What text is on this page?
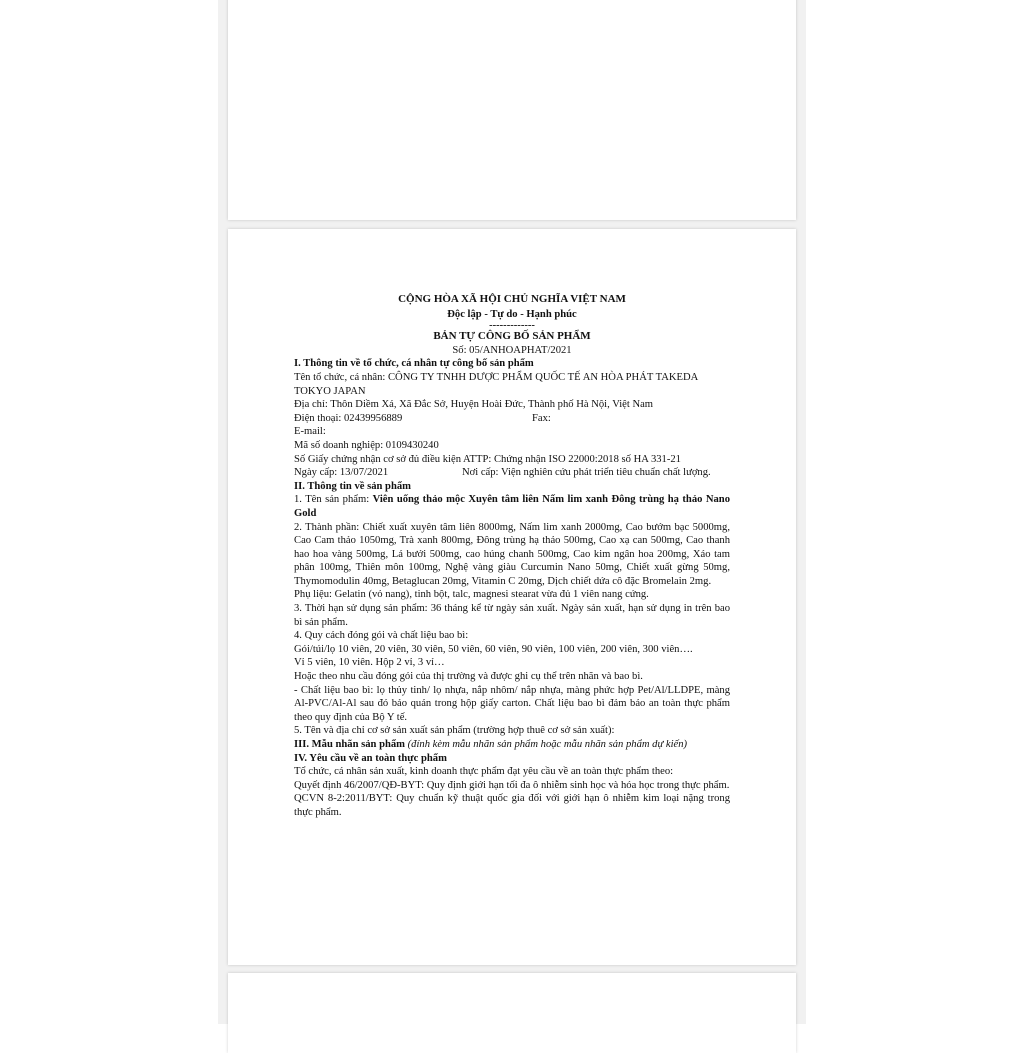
CỘNG HÒA XÃ HỘI CHỦ NGHĨA VIỆT NAM

Độc lập - Tự do - Hạnh phúc

-------------

BẢN TỰ CÔNG BỐ SẢN PHẨM

Số: 05/ANHOAPHAT/2021

I. Thông tin về tổ chức, cá nhân tự công bố sản phẩm

Tên tổ chức, cá nhân: CÔNG TY TNHH DƯỢC PHẨM QUỐC TẾ AN HÒA PHÁT TAKEDA TOKYO JAPAN

Địa chỉ: Thôn Diềm Xá, Xã Đắc Sở, Huyện Hoài Đức, Thành phố Hà Nội, Việt Nam

Điện thoại: 02439956889	Fax:

E-mail:

Mã số doanh nghiệp: 0109430240

Số Giấy chứng nhận cơ sở đủ điều kiện ATTP: Chứng nhận ISO 22000:2018 số HA 331-21

Ngày cấp: 13/07/2021	Nơi cấp: Viện nghiên cứu phát triển tiêu chuẩn chất lượng.

II. Thông tin về sản phẩm

1. Tên sản phẩm: Viên uống thảo mộc Xuyên tâm liên Nấm lim xanh Đông trùng hạ thảo Nano Gold

2. Thành phần: Chiết xuất xuyên tâm liên 8000mg, Nấm lim xanh 2000mg, Cao bướm bạc 5000mg, Cao Cam thảo 1050mg, Trà xanh 800mg, Đông trùng hạ thảo 500mg, Cao xạ can 500mg, Cao thanh hao hoa vàng 500mg, Lá bưởi 500mg, cao húng chanh 500mg, Cao kim ngân hoa 200mg, Xáo tam phân 100mg, Thiên môn 100mg, Nghệ vàng giàu Curcumin Nano 50mg, Chiết xuất gừng 50mg, Thymomodulin 40mg, Betaglucan 20mg, Vitamin C 20mg, Dịch chiết dứa cô đặc Bromelain 2mg.

Phụ liệu: Gelatin (vỏ nang), tinh bột, talc, magnesi stearat vừa đủ 1 viên nang cứng.

3. Thời hạn sử dụng sản phẩm: 36 tháng kể từ ngày sản xuất. Ngày sản xuất, hạn sử dụng in trên bao bì sản phẩm.

4. Quy cách đóng gói và chất liệu bao bì:

Gói/túi/lọ 10 viên, 20 viên, 30 viên, 50 viên, 60 viên, 90 viên, 100 viên, 200 viên, 300 viên….

Vỉ 5 viên, 10 viên. Hộp 2 vỉ, 3 vỉ…

Hoặc theo nhu cầu đóng gói của thị trường và được ghi cụ thể trên nhãn và bao bì.

- Chất liệu bao bì: lọ thủy tinh/ lọ nhựa, nắp nhôm/ nắp nhựa, màng phức hợp Pet/Al/LLDPE, màng Al-PVC/Al-Al sau đó bảo quản trong hộp giấy carton. Chất liệu bao bì đảm bảo an toàn thực phẩm theo quy định của Bộ Y tế.

5. Tên và địa chỉ cơ sở sản xuất sản phẩm (trường hợp thuê cơ sở sản xuất):

III. Mẫu nhãn sản phẩm (đính kèm mẫu nhãn sản phẩm hoặc mẫu nhãn sản phẩm dự kiến)

IV. Yêu cầu về an toàn thực phẩm

Tổ chức, cá nhân sản xuất, kinh doanh thực phẩm đạt yêu cầu về an toàn thực phẩm theo:

Quyết định 46/2007/QĐ-BYT: Quy định giới hạn tối đa ô nhiễm sinh học và hóa học trong thực phẩm.

QCVN 8-2:2011/BYT: Quy chuẩn kỹ thuật quốc gia đối với giới hạn ô nhiễm kim loại nặng trong thực phẩm.
